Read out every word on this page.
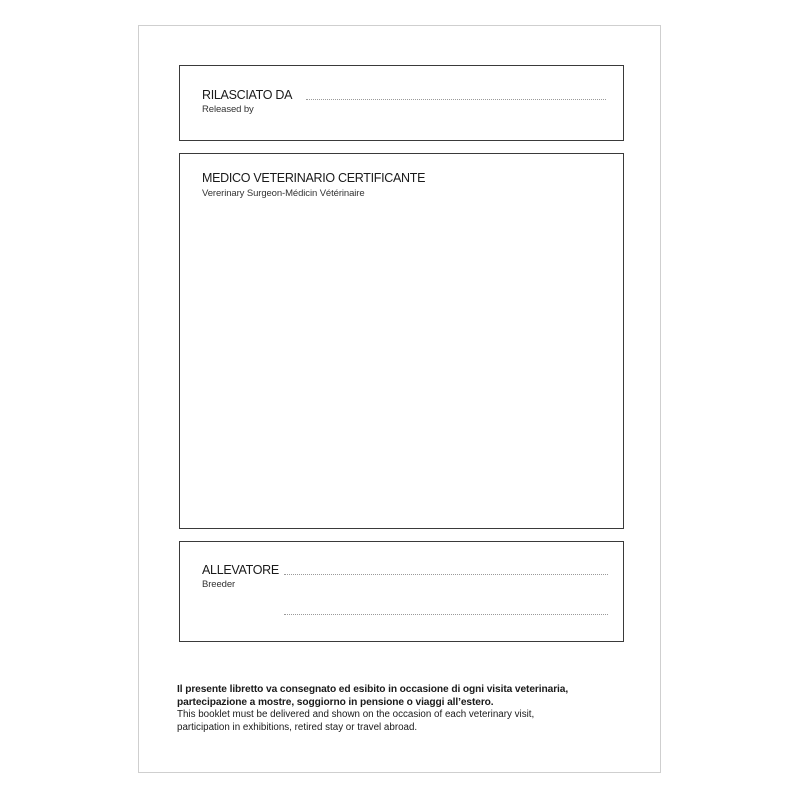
RILASCIATO DA
Released by
MEDICO VETERINARIO CERTIFICANTE
Vererinary Surgeon-Médicin Vétérinaire
ALLEVATORE
Breeder
Il presente libretto va consegnato ed esibito in occasione di ogni visita veterinaria,
partecipazione a mostre, soggiorno in pensione o viaggi all’estero.
This booklet must be delivered and shown on the occasion of each veterinary visit,
participation in exhibitions, retired stay or travel abroad.
